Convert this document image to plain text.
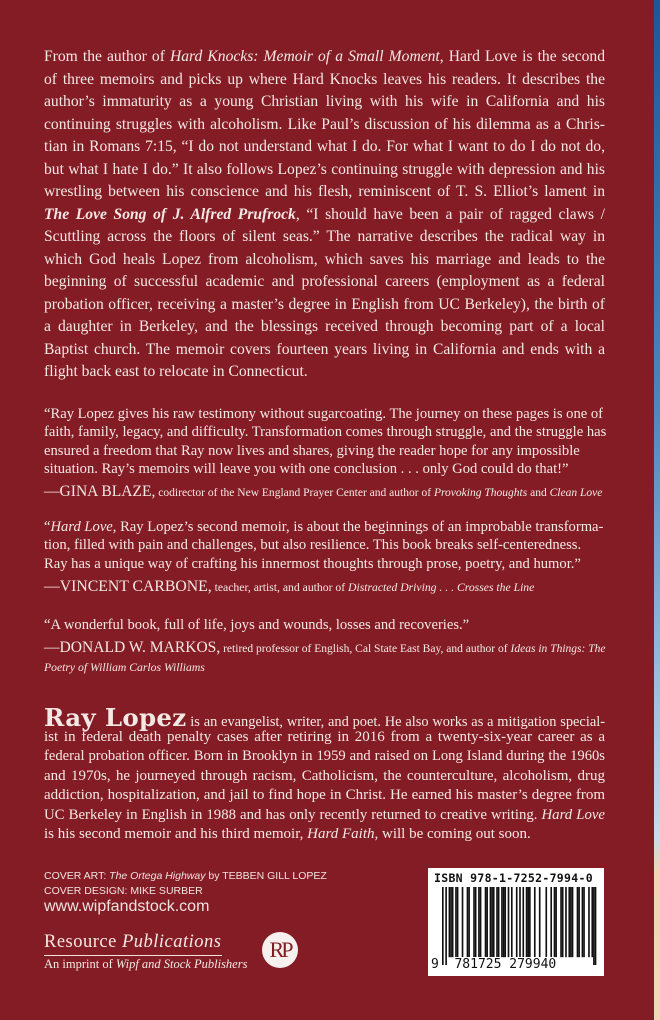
From the author of Hard Knocks: Memoir of a Small Moment, Hard Love is the second
of three memoirs and picks up where Hard Knocks leaves his readers. It describes the
author’s immaturity as a young Christian living with his wife in California and his
continuing struggles with alcoholism. Like Paul’s discussion of his dilemma as a Chris-
tian in Romans 7:15, “I do not understand what I do. For what I want to do I do not do,
but what I hate I do.” It also follows Lopez’s continuing struggle with depression and his
wrestling between his conscience and his flesh, reminiscent of T. S. Elliot’s lament in
The Love Song of J. Alfred Prufrock, “I should have been a pair of ragged claws /
Scuttling across the floors of silent seas.” The narrative describes the radical way in
which God heals Lopez from alcoholism, which saves his marriage and leads to the
beginning of successful academic and professional careers (employment as a federal
probation officer, receiving a master’s degree in English from UC Berkeley), the birth of
a daughter in Berkeley, and the blessings received through becoming part of a local
Baptist church. The memoir covers fourteen years living in California and ends with a
flight back east to relocate in Connecticut.
“Ray Lopez gives his raw testimony without sugarcoating. The journey on these pages is one of
faith, family, legacy, and difficulty. Transformation comes through struggle, and the struggle has
ensured a freedom that Ray now lives and shares, giving the reader hope for any impossible
situation. Ray’s memoirs will leave you with one conclusion . . . only God could do that!”
—GINA BLAZE, codirector of the New England Prayer Center and author of Provoking Thoughts and Clean Love
“Hard Love, Ray Lopez’s second memoir, is about the beginnings of an improbable transforma-
tion, filled with pain and challenges, but also resilience. This book breaks self-centeredness.
Ray has a unique way of crafting his innermost thoughts through prose, poetry, and humor.”
—VINCENT CARBONE, teacher, artist, and author of Distracted Driving . . . Crosses the Line
“A wonderful book, full of life, joys and wounds, losses and recoveries.”
—DONALD W. MARKOS, retired professor of English, Cal State East Bay, and author of Ideas in Things: The
Poetry of William Carlos Williams
Ray Lopez is an evangelist, writer, and poet. He also works as a mitigation special-
ist in federal death penalty cases after retiring in 2016 from a twenty-six-year career as a
federal probation officer. Born in Brooklyn in 1959 and raised on Long Island during the 1960s
and 1970s, he journeyed through racism, Catholicism, the counterculture, alcoholism, drug
addiction, hospitalization, and jail to find hope in Christ. He earned his master’s degree from
UC Berkeley in English in 1988 and has only recently returned to creative writing. Hard Love
is his second memoir and his third memoir, Hard Faith, will be coming out soon.
COVER ART: The Ortega Highway by TEBBEN GILL LOPEZ
COVER DESIGN: MIKE SURBER
www.wipfandstock.com
Resource Publications
An imprint of Wipf and Stock Publishers
RP
ISBN 978-1-7252-7994-0
9 781725 279940
